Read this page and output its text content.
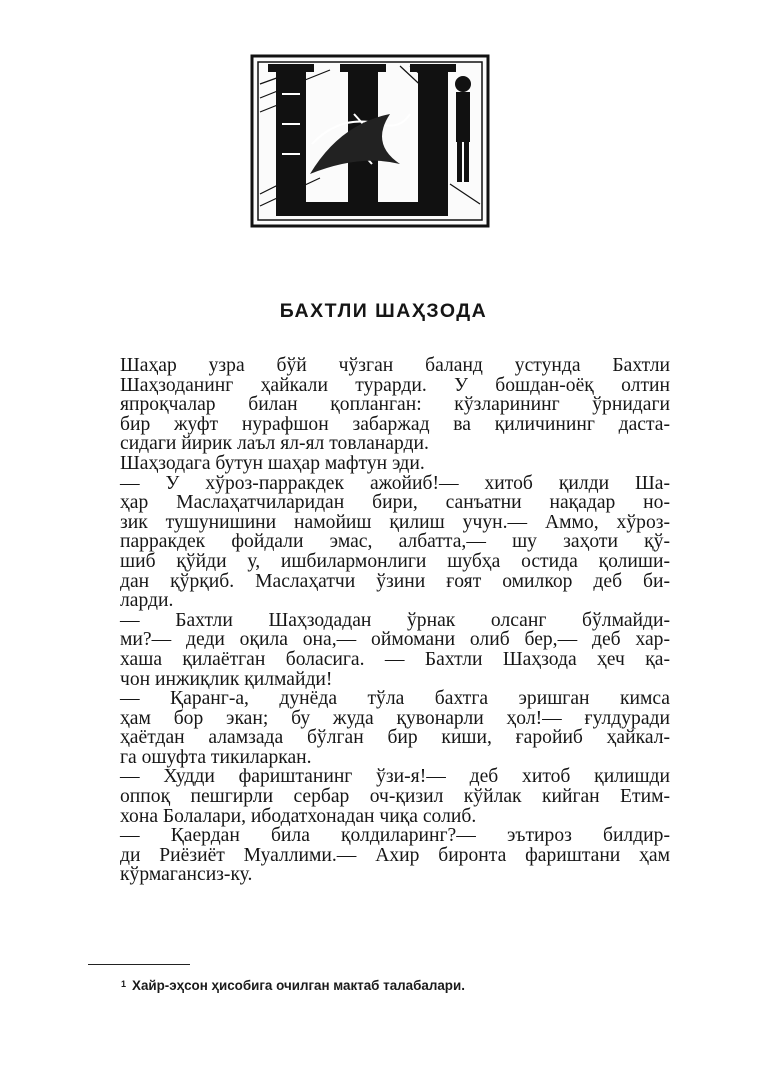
БАХТЛИ ШАҲЗОДА
Шаҳар узра бўй чўзган баланд устунда Бахтли
Шаҳзоданинг ҳайкали турарди. У бошдан-оёқ олтин
япроқчалар билан қопланган: кўзларининг ўрнидаги
бир жуфт нурафшон забаржад ва қиличининг даста-
сидаги йирик лаъл ял-ял товланарди.
Шаҳзодага бутун шаҳар мафтун эди.
— У хўроз-парракдек ажойиб!— хитоб қилди Ша-
ҳар Маслаҳатчиларидан бири, санъатни нақадар но-
зик тушунишини намойиш қилиш учун.— Аммо, хўроз-
парракдек фойдали эмас, албатта,— шу заҳоти қў-
шиб қўйди у, ишбилармонлиги шубҳа остида қолиши-
дан қўрқиб. Маслаҳатчи ўзини ғоят омилкор деб би-
ларди.
— Бахтли Шаҳзодадан ўрнак олсанг бўлмайди-
ми?— деди оқила она,— оймомани олиб бер,— деб хар-
хаша қилаётган боласига. — Бахтли Шаҳзода ҳеч қа-
чон инжиқлик қилмайди!
— Қаранг-а, дунёда тўла бахтга эришган кимса
ҳам бор экан; бу жуда қувонарли ҳол!— ғулдуради
ҳаётдан аламзада бўлган бир киши, ғаройиб ҳайкал-
га ошуфта тикиларкан.
— Худди фариштанинг ўзи-я!— деб хитоб қилишди
оппоқ пешгирли сербар оч-қизил кўйлак кийган Етим-
хона Болалари, ибодатхонадан чиқа солиб.
— Қаердан била қолдиларинг?— эътироз билдир-
ди Риёзиёт Муаллими.— Ахир биронта фариштани ҳам
кўрмагансиз-ку.
$^1$ Хайр-эҳсон ҳисобига очилган мактаб талабалари.
